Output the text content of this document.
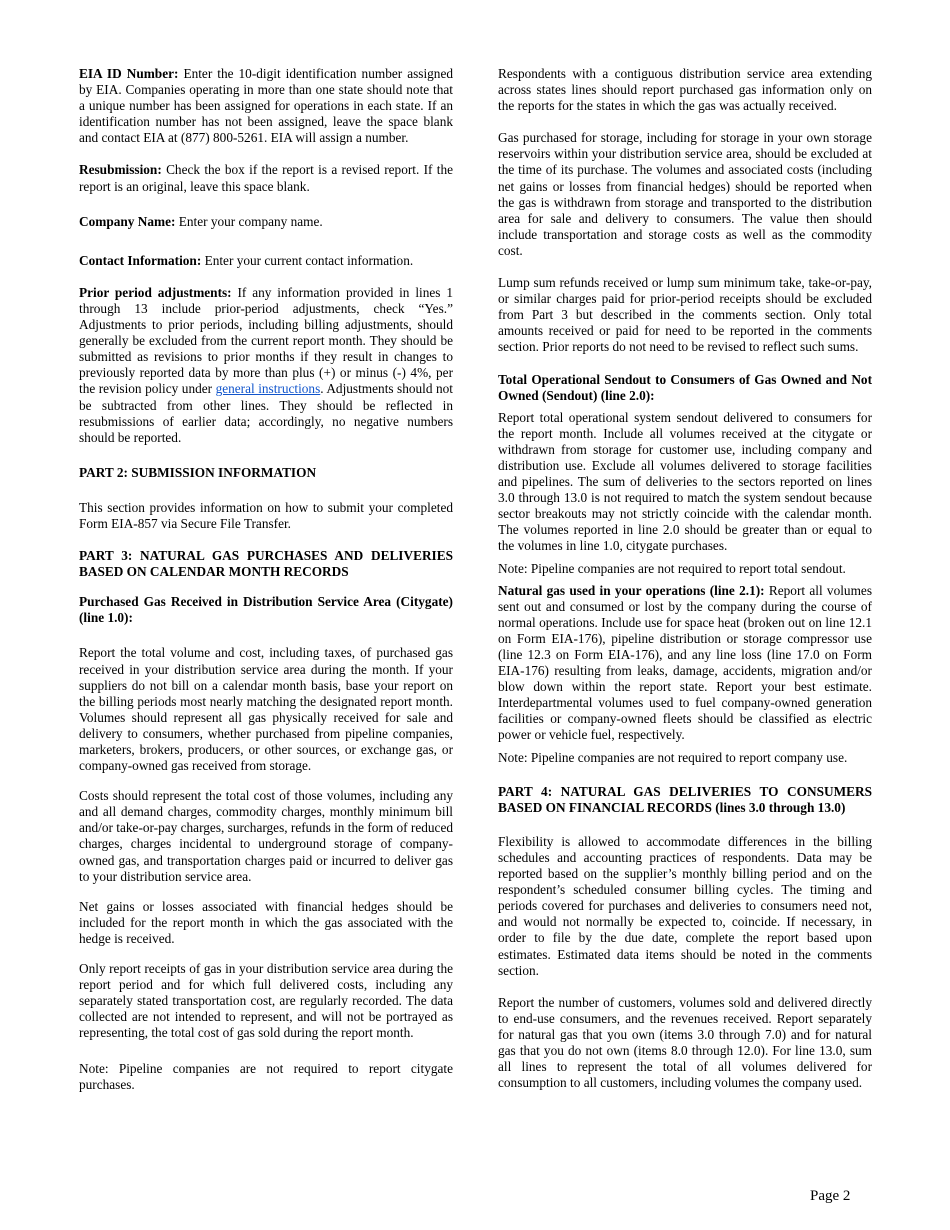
EIA ID Number: Enter the 10-digit identification number assigned by EIA. Companies operating in more than one state should note that a unique number has been assigned for operations in each state. If an identification number has not been assigned, leave the space blank and contact EIA at (877) 800-5261. EIA will assign a number.

Resubmission: Check the box if the report is a revised report. If the report is an original, leave this space blank.

Company Name: Enter your company name.

Contact Information: Enter your current contact information.

Prior period adjustments: If any information provided in lines 1 through 13 include prior-period adjustments, check “Yes.” Adjustments to prior periods, including billing adjustments, should generally be excluded from the current report month. They should be submitted as revisions to prior months if they result in changes to previously reported data by more than plus (+) or minus (-) 4%, per the revision policy under general instructions. Adjustments should not be subtracted from other lines. They should be reflected in resubmissions of earlier data; accordingly, no negative numbers should be reported.

PART 2: SUBMISSION INFORMATION

This section provides information on how to submit your completed Form EIA-857 via Secure File Transfer.

PART 3: NATURAL GAS PURCHASES AND DELIVERIES BASED ON CALENDAR MONTH RECORDS
Purchased Gas Received in Distribution Service Area (Citygate) (line 1.0):

Report the total volume and cost, including taxes, of purchased gas received in your distribution service area during the month. If your suppliers do not bill on a calendar month basis, base your report on the billing periods most nearly matching the designated report month. Volumes should represent all gas physically received for sale and delivery to consumers, whether purchased from pipeline companies, marketers, brokers, producers, or other sources, or exchange gas, or company-owned gas received from storage.

Costs should represent the total cost of those volumes, including any and all demand charges, commodity charges, monthly minimum bill and/or take-or-pay charges, surcharges, refunds in the form of reduced charges, charges incidental to underground storage of company-owned gas, and transportation charges paid or incurred to deliver gas to your distribution service area.

Net gains or losses associated with financial hedges should be included for the report month in which the gas associated with the hedge is received.

Only report receipts of gas in your distribution service area during the report period and for which full delivered costs, including any separately stated transportation cost, are regularly recorded. The data collected are not intended to represent, and will not be portrayed as representing, the total cost of gas sold during the report month.

Note: Pipeline companies are not required to report citygate purchases.

Respondents with a contiguous distribution service area extending across states lines should report purchased gas information only on the reports for the states in which the gas was actually received.

Gas purchased for storage, including for storage in your own storage reservoirs within your distribution service area, should be excluded at the time of its purchase. The volumes and associated costs (including net gains or losses from financial hedges) should be reported when the gas is withdrawn from storage and transported to the distribution area for sale and delivery to consumers. The value then should include transportation and storage costs as well as the commodity cost.

Lump sum refunds received or lump sum minimum take, take-or-pay, or similar charges paid for prior-period receipts should be excluded from Part 3 but described in the comments section. Only total amounts received or paid for need to be reported in the comments section. Prior reports do not need to be revised to reflect such sums.

Total Operational Sendout to Consumers of Gas Owned and Not Owned (Sendout) (line 2.0):

Report total operational system sendout delivered to consumers for the report month. Include all volumes received at the citygate or withdrawn from storage for customer use, including company and distribution use. Exclude all volumes delivered to storage facilities and pipelines. The sum of deliveries to the sectors reported on lines 3.0 through 13.0 is not required to match the system sendout because sector breakouts may not strictly coincide with the calendar month. The volumes reported in line 2.0 should be greater than or equal to the volumes in line 1.0, citygate purchases.

Note: Pipeline companies are not required to report total sendout.

Natural gas used in your operations (line 2.1): Report all volumes sent out and consumed or lost by the company during the course of normal operations. Include use for space heat (broken out on line 12.1 on Form EIA-176), pipeline distribution or storage compressor use (line 12.3 on Form EIA-176), and any line loss (line 17.0 on Form EIA-176) resulting from leaks, damage, accidents, migration and/or blow down within the report state. Report your best estimate. Interdepartmental volumes used to fuel company-owned generation facilities or company-owned fleets should be classified as electric power or vehicle fuel, respectively.

Note: Pipeline companies are not required to report company use.

PART 4: NATURAL GAS DELIVERIES TO CONSUMERS BASED ON FINANCIAL RECORDS (lines 3.0 through 13.0)

Flexibility is allowed to accommodate differences in the billing schedules and accounting practices of respondents. Data may be reported based on the supplier’s monthly billing period and on the respondent’s scheduled consumer billing cycles. The timing and periods covered for purchases and deliveries to consumers need not, and would not normally be expected to, coincide. If necessary, in order to file by the due date, complete the report based upon estimates. Estimated data items should be noted in the comments section.

Report the number of customers, volumes sold and delivered directly to end-use consumers, and the revenues received. Report separately for natural gas that you own (items 3.0 through 7.0) and for natural gas that you do not own (items 8.0 through 12.0). For line 13.0, sum all lines to represent the total of all volumes delivered for consumption to all customers, including volumes the company used.

Page 2
